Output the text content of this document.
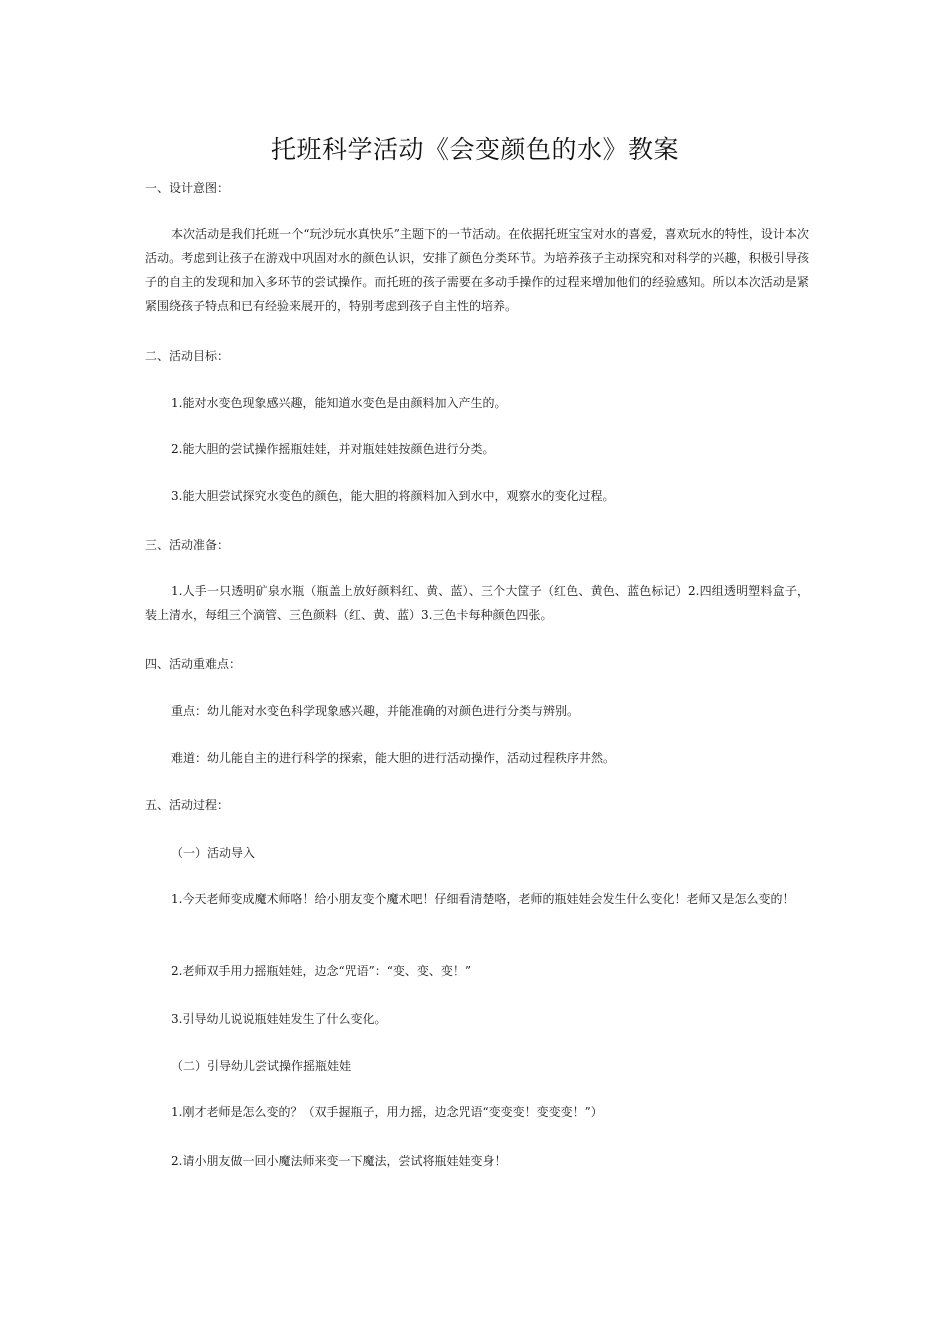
托班科学活动《会变颜色的水》教案
一、设计意图：
本次活动是我们托班一个“玩沙玩水真快乐”主题下的一节活动。在依据托班宝宝对水的喜爱，喜欢玩水的特性，设计本次活动。考虑到让孩子在游戏中巩固对水的颜色认识，安排了颜色分类环节。为培养孩子主动探究和对科学的兴趣，积极引导孩子的自主的发现和加入多环节的尝试操作。而托班的孩子需要在多动手操作的过程来增加他们的经验感知。所以本次活动是紧紧围绕孩子特点和已有经验来展开的，特别考虑到孩子自主性的培养。
二、活动目标：
1.能对水变色现象感兴趣，能知道水变色是由颜料加入产生的。
2.能大胆的尝试操作摇瓶娃娃，并对瓶娃娃按颜色进行分类。
3.能大胆尝试探究水变色的颜色，能大胆的将颜料加入到水中，观察水的变化过程。
三、活动准备：
1.人手一只透明矿泉水瓶（瓶盖上放好颜料红、黄、蓝）、三个大筐子（红色、黄色、蓝色标记）2.四组透明塑料盒子，装上清水，每组三个滴管、三色颜料（红、黄、蓝）3.三色卡每种颜色四张。
四、活动重难点：
重点：幼儿能对水变色科学现象感兴趣，并能准确的对颜色进行分类与辨别。
难道：幼儿能自主的进行科学的探索，能大胆的进行活动操作，活动过程秩序井然。
五、活动过程：
（一）活动导入
1.今天老师变成魔术师咯！给小朋友变个魔术吧！仔细看清楚咯，老师的瓶娃娃会发生什么变化！老师又是怎么变的！
2.老师双手用力摇瓶娃娃，边念“咒语”：“变、变、变！”
3.引导幼儿说说瓶娃娃发生了什么变化。
（二）引导幼儿尝试操作摇瓶娃娃
1.刚才老师是怎么变的？（双手握瓶子，用力摇，边念咒语“变变变！变变变！”）
2.请小朋友做一回小魔法师来变一下魔法，尝试将瓶娃娃变身！
